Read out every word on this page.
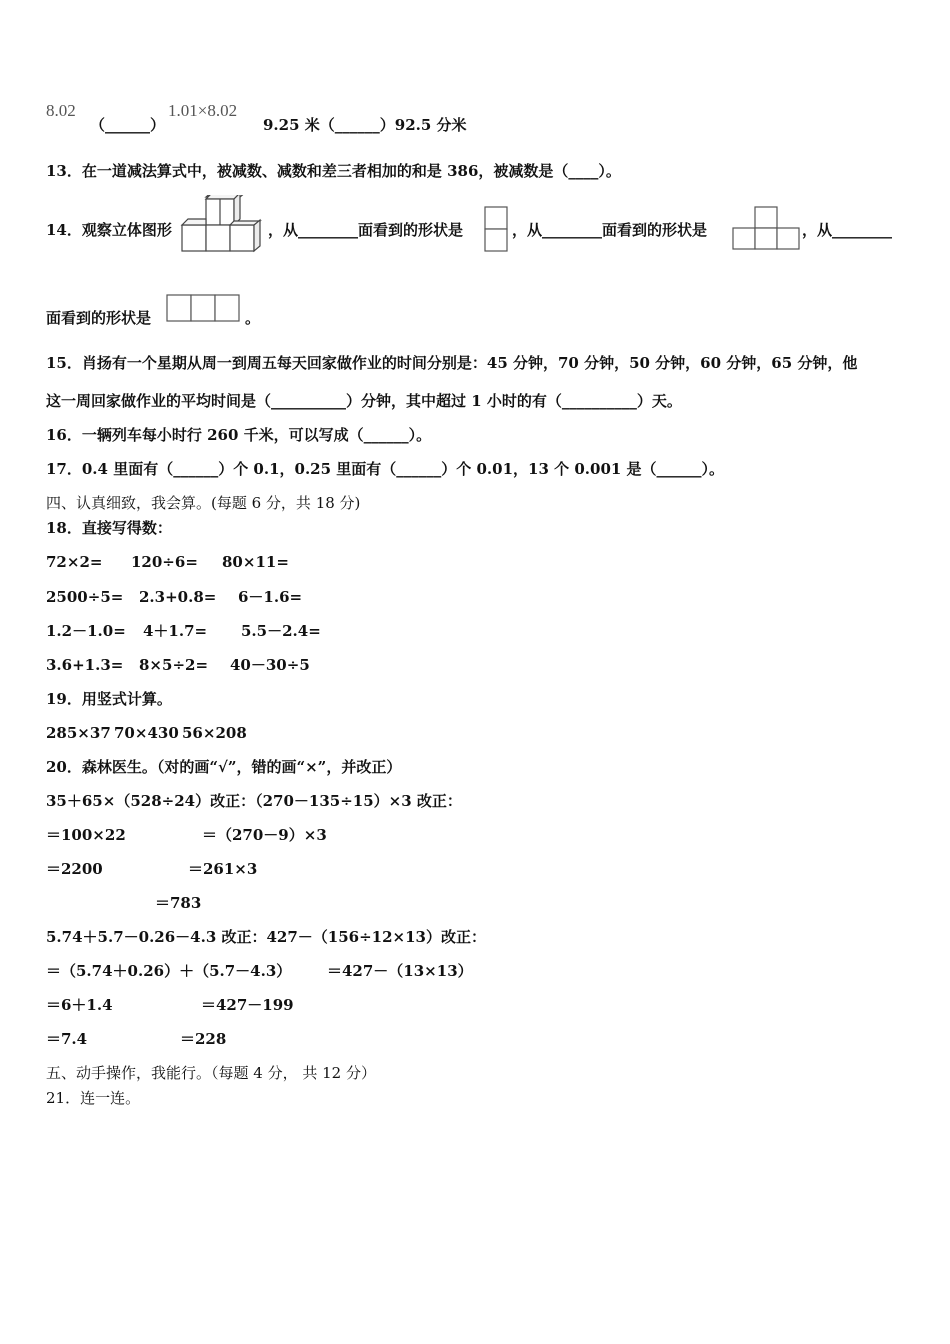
8.02
（______）
1.01×8.02
9.25 米（______）92.5 分米
13．在一道减法算式中，被减数、减数和差三者相加的和是 386，被减数是（____）。
14．观察立体图形	，从________面看到的形状是	，从________面看到的形状是	，从________
面看到的形状是	。
15．肖扬有一个星期从周一到周五每天回家做作业的时间分别是：45 分钟，70 分钟，50 分钟，60 分钟，65 分钟，他
这一周回家做作业的平均时间是（__________）分钟，其中超过 1 小时的有（__________）天。
16．一辆列车每小时行 260 千米，可以写成（______）。
17．0.4 里面有（______）个 0.1，0.25 里面有（______）个 0.01，13 个 0.001 是（______）。
四、认真细致，我会算。(每题 6 分，共 18 分)
18．直接写得数：
72×2= 120÷6= 80×11=
2500÷5= 2.3+0.8= 6－1.6=
1.2－1.0= 4＋1.7= 5.5－2.4=
3.6+1.3= 8×5÷2= 40－30÷5
19．用竖式计算。
285×37 70×430 56×208
20．森林医生。（对的画“√”，错的画“×”，并改正）
35＋65×（528÷24）改正：（270－135÷15）×3 改正：
＝100×22	＝（270－9）×3
＝2200	＝261×3
＝783
5.74＋5.7－0.26－4.3 改正：427－（156÷12×13）改正：
＝（5.74＋0.26）＋（5.7－4.3） ＝427－（13×13）
＝6＋1.4	＝427－199
＝7.4	＝228
五、动手操作，我能行。（每题 4 分， 共 12 分）
21．连一连。
